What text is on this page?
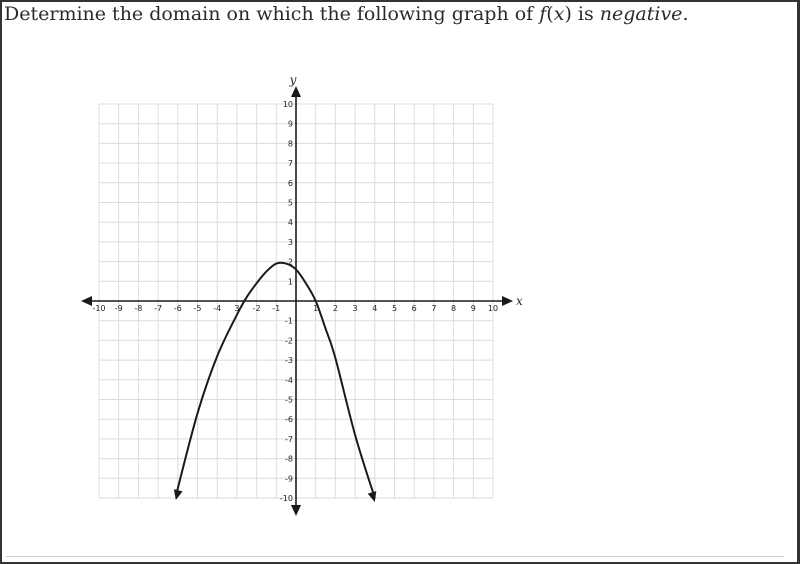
Determine the domain on which the following graph of f(x) is negative.
x
y
-10 -9 -8 -7 -6 -5 -4 3 -2 -1	1 2 3 4 5 6 7 8 9 10
10
9
8
7
6
5
4
3
2
1
-1
-2
-3
-4
-5
-6
-7
-8
-9
-10
